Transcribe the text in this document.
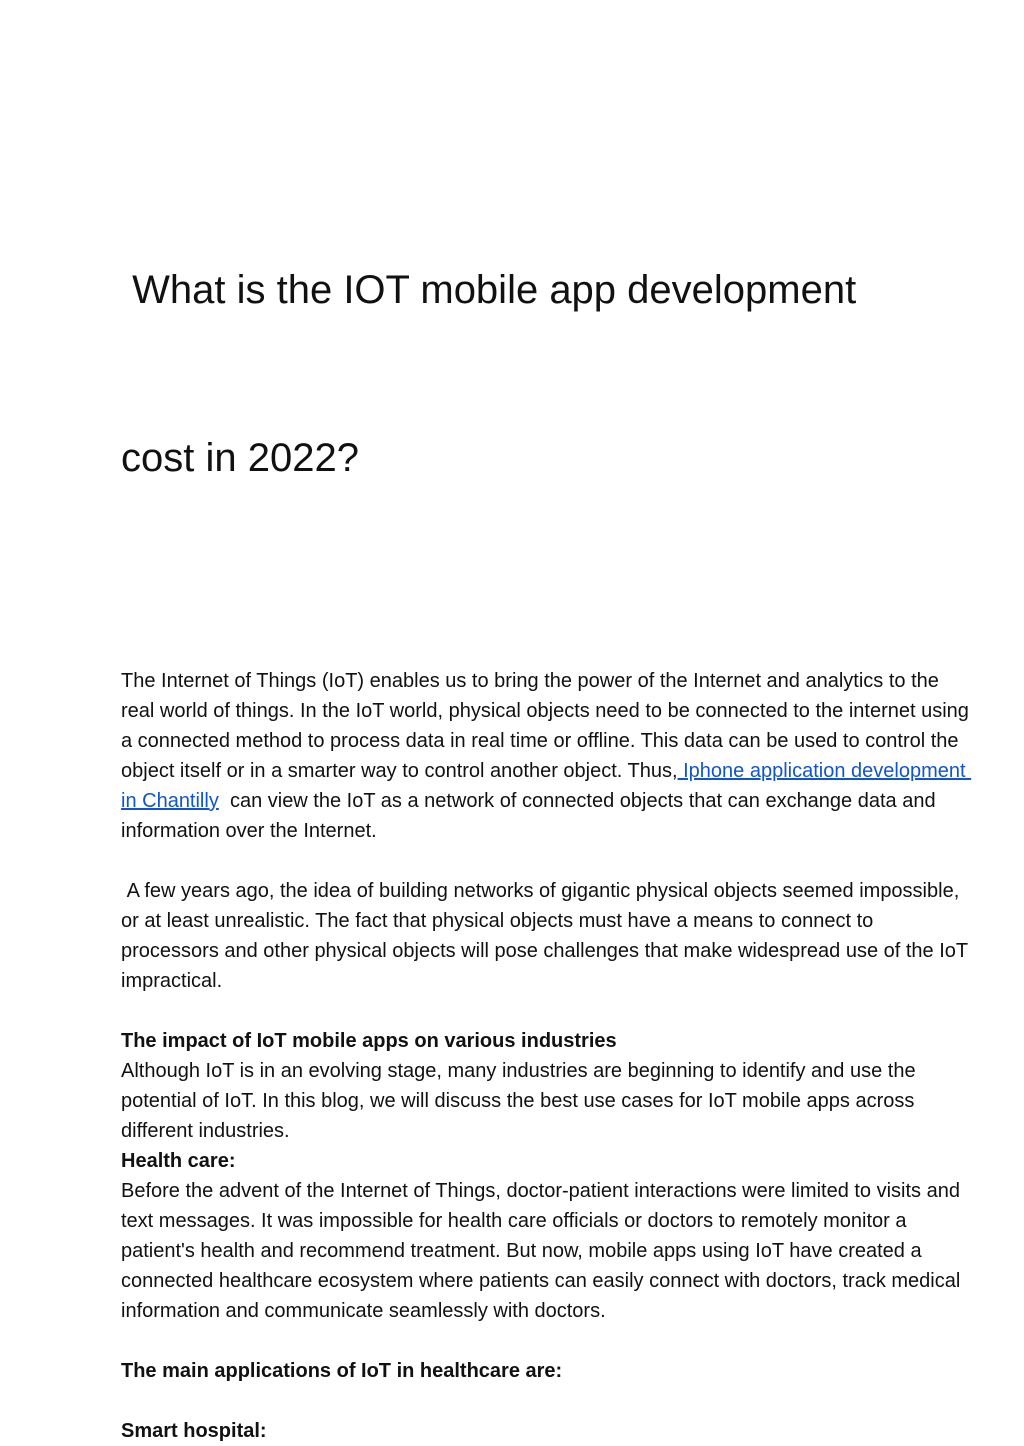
What is the IOT mobile app development

cost in 2022?

The Internet of Things (IoT) enables us to bring the power of the Internet and analytics to the real world of things. In the IoT world, physical objects need to be connected to the internet using a connected method to process data in real time or offline. This data can be used to control the object itself or in a smarter way to control another object. Thus, Iphone application development in Chantilly  can view the IoT as a network of connected objects that can exchange data and information over the Internet.

A few years ago, the idea of building networks of gigantic physical objects seemed impossible, or at least unrealistic. The fact that physical objects must have a means to connect to processors and other physical objects will pose challenges that make widespread use of the IoT impractical.

The impact of IoT mobile apps on various industries

Although IoT is in an evolving stage, many industries are beginning to identify and use the potential of IoT. In this blog, we will discuss the best use cases for IoT mobile apps across different industries.

Health care:

Before the advent of the Internet of Things, doctor-patient interactions were limited to visits and text messages. It was impossible for health care officials or doctors to remotely monitor a patient's health and recommend treatment. But now, mobile apps using IoT have created a connected healthcare ecosystem where patients can easily connect with doctors, track medical information and communicate seamlessly with doctors.

The main applications of IoT in healthcare are:

Smart hospital:
